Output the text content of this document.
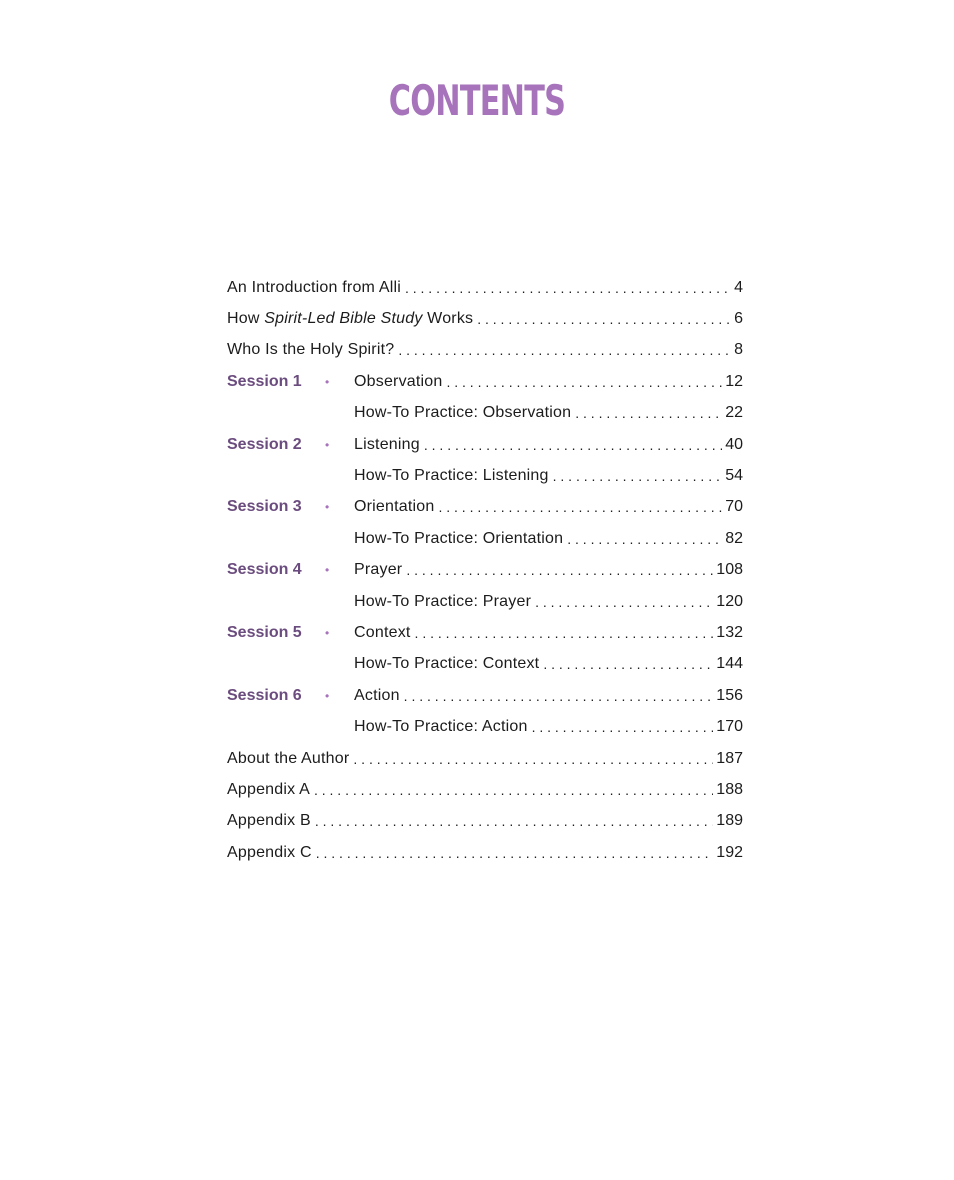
CONTENTS
An Introduction from Alli . . .	4
How Spirit-Led Bible Study Works . . .	6
Who Is the Holy Spirit? . . .	8
Session 1	• Observation . . .	12
How-To Practice: Observation . . .	22
Session 2	• Listening . . .	40
How-To Practice: Listening . . .	54
Session 3	• Orientation . . .	70
How-To Practice: Orientation . . .	82
Session 4	• Prayer . . .	108
How-To Practice: Prayer . . .	120
Session 5	• Context . . .	132
How-To Practice: Context . . .	144
Session 6	• Action . . .	156
How-To Practice: Action . . .	170
About the Author . . .	187
Appendix A . . .	188
Appendix B . . .	189
Appendix C . . .	192
